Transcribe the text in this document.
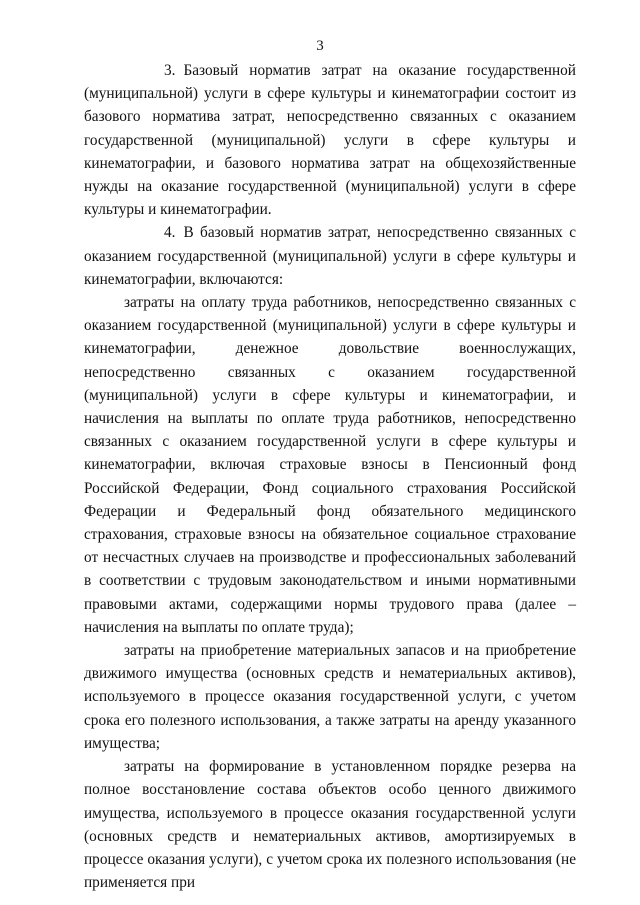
3

3. Базовый норматив затрат на оказание государственной (муниципальной) услуги в сфере культуры и кинематографии состоит из базового норматива затрат, непосредственно связанных с оказанием государственной (муниципальной) услуги в сфере культуры и кинематографии, и базового норматива затрат на общехозяйственные нужды на оказание государственной (муниципальной) услуги в сфере культуры и кинематографии.

4. В базовый норматив затрат, непосредственно связанных с оказанием государственной (муниципальной) услуги в сфере культуры и кинематографии, включаются:

затраты на оплату труда работников, непосредственно связанных с оказанием государственной (муниципальной) услуги в сфере культуры и кинематографии, денежное довольствие военнослужащих, непосредственно связанных с оказанием государственной (муниципальной) услуги в сфере культуры и кинематографии, и начисления на выплаты по оплате труда работников, непосредственно связанных с оказанием государственной услуги в сфере культуры и кинематографии, включая страховые взносы в Пенсионный фонд Российской Федерации, Фонд социального страхования Российской Федерации и Федеральный фонд обязательного медицинского страхования, страховые взносы на обязательное социальное страхование от несчастных случаев на производстве и профессиональных заболеваний в соответствии с трудовым законодательством и иными нормативными правовыми актами, содержащими нормы трудового права (далее – начисления на выплаты по оплате труда);

затраты на приобретение материальных запасов и на приобретение движимого имущества (основных средств и нематериальных активов), используемого в процессе оказания государственной услуги, с учетом срока его полезного использования, а также затраты на аренду указанного имущества;

затраты на формирование в установленном порядке резерва на полное восстановление состава объектов особо ценного движимого имущества, используемого в процессе оказания государственной услуги (основных средств и нематериальных активов, амортизируемых в процессе оказания услуги), с учетом срока их полезного использования (не применяется при
